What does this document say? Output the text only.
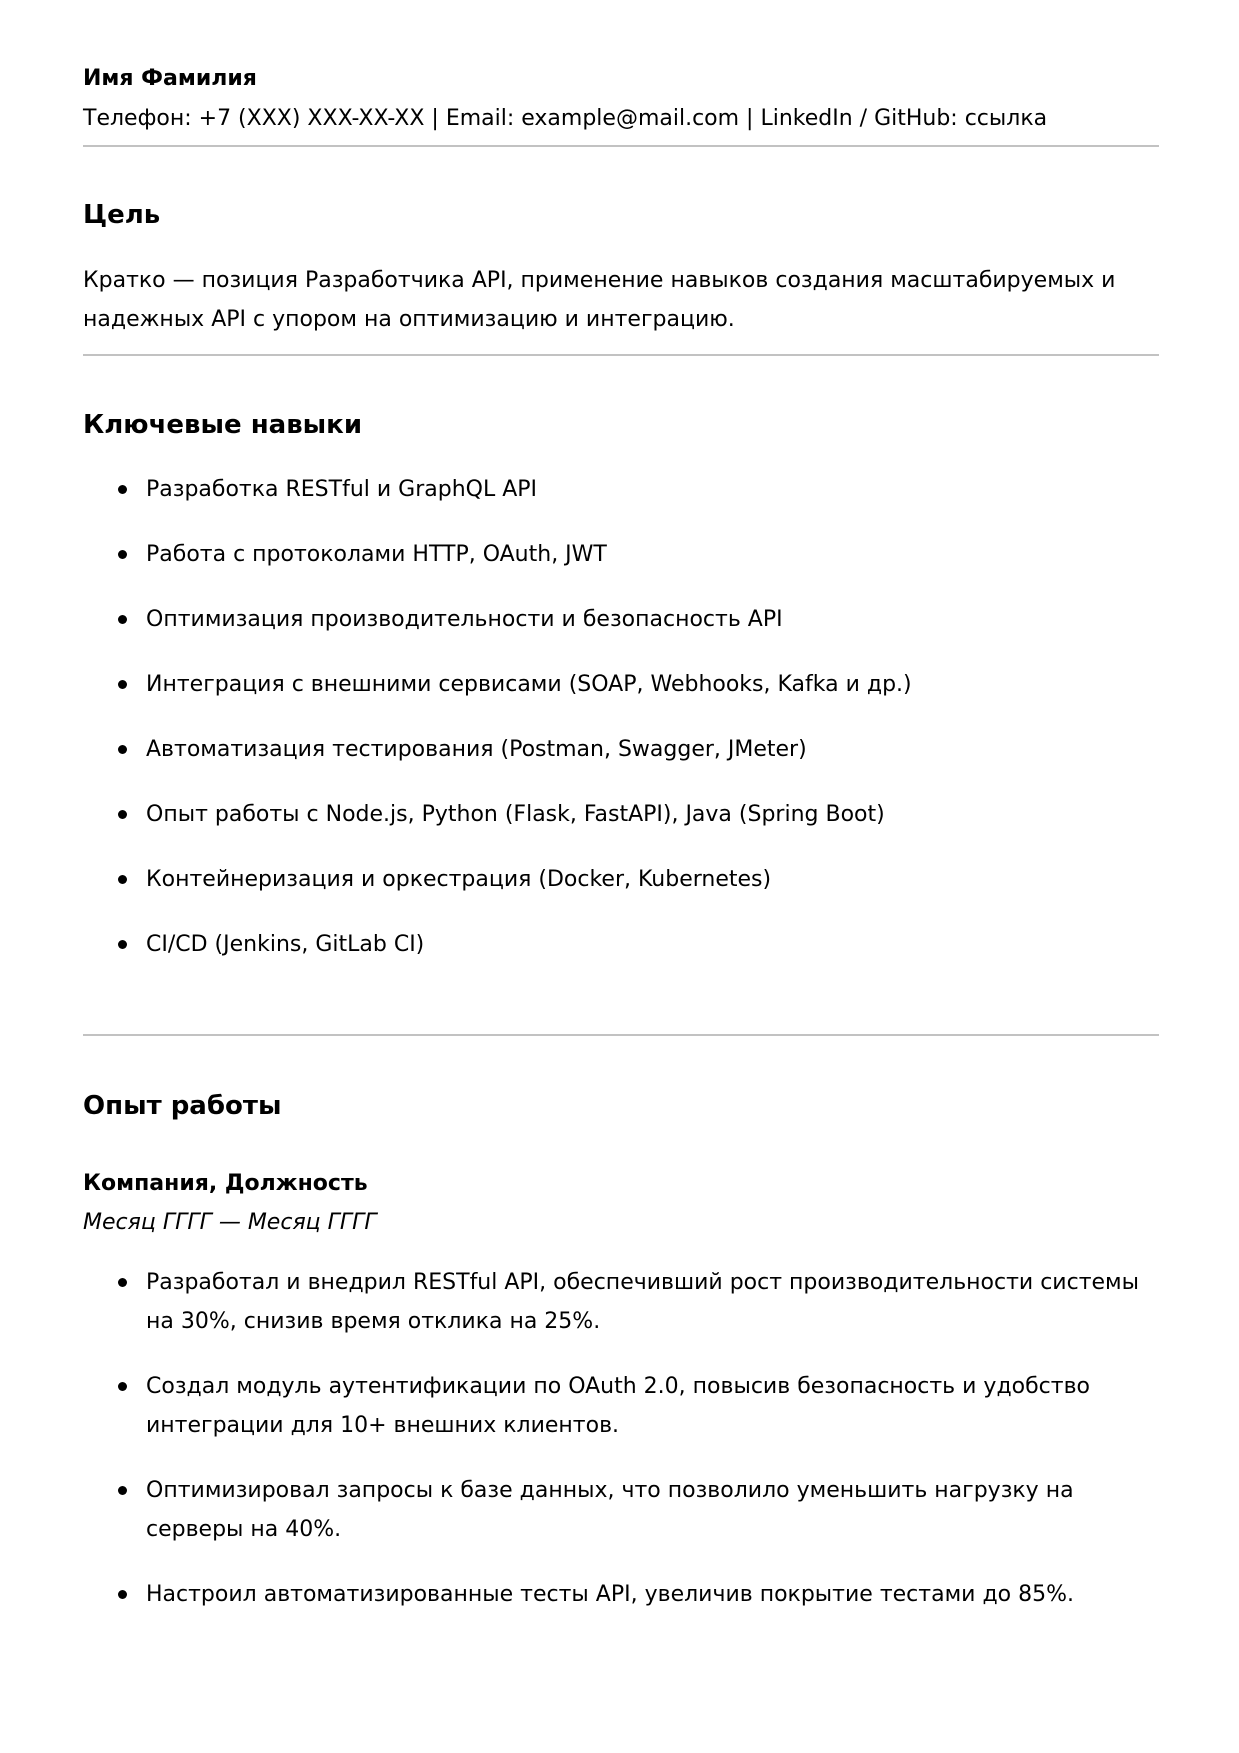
Имя Фамилия
Телефон: +7 (XXX) XXX-XX-XX | Email: example@mail.com | LinkedIn / GitHub: ссылка
Цель
Кратко — позиция Разработчика API, применение навыков создания масштабируемых и надежных API с упором на оптимизацию и интеграцию.
Ключевые навыки
Разработка RESTful и GraphQL API
Работа с протоколами HTTP, OAuth, JWT
Оптимизация производительности и безопасность API
Интеграция с внешними сервисами (SOAP, Webhooks, Kafka и др.)
Автоматизация тестирования (Postman, Swagger, JMeter)
Опыт работы с Node.js, Python (Flask, FastAPI), Java (Spring Boot)
Контейнеризация и оркестрация (Docker, Kubernetes)
CI/CD (Jenkins, GitLab CI)
Опыт работы
Компания, Должность
Месяц ГГГГ — Месяц ГГГГ
Разработал и внедрил RESTful API, обеспечивший рост производительности системы на 30%, снизив время отклика на 25%.
Создал модуль аутентификации по OAuth 2.0, повысив безопасность и удобство интеграции для 10+ внешних клиентов.
Оптимизировал запросы к базе данных, что позволило уменьшить нагрузку на серверы на 40%.
Настроил автоматизированные тесты API, увеличив покрытие тестами до 85%.
